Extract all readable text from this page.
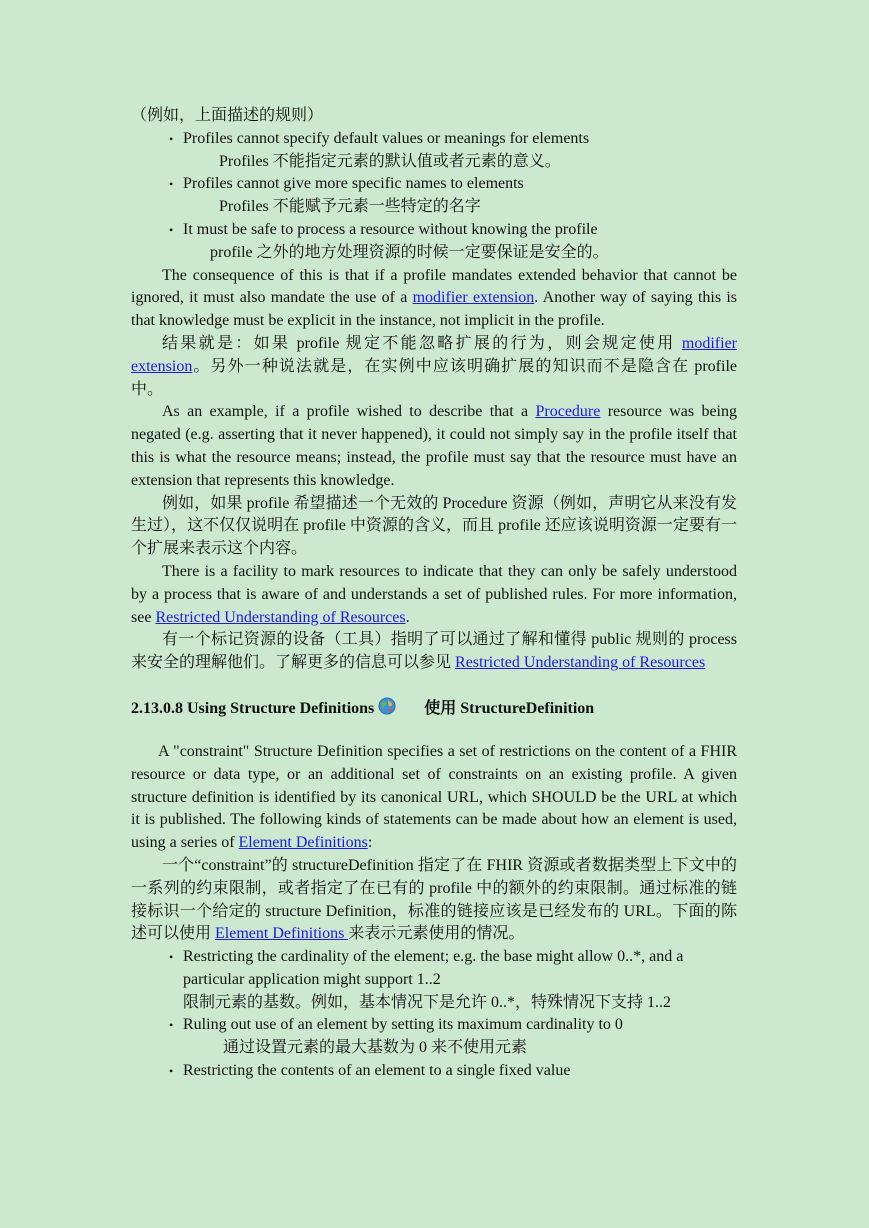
（例如，上面描述的规则）

• Profiles cannot specify default values or meanings for elements
Profiles 不能指定元素的默认值或者元素的意义。
• Profiles cannot give more specific names to elements
Profiles 不能赋予元素一些特定的名字
• It must be safe to process a resource without knowing the profile
profile 之外的地方处理资源的时候一定要保证是安全的。

The consequence of this is that if a profile mandates extended behavior that cannot be ignored, it must also mandate the use of a modifier extension. Another way of saying this is that knowledge must be explicit in the instance, not implicit in the profile.

结果就是：如果 profile 规定不能忽略扩展的行为，则会规定使用 modifier extension。另外一种说法就是，在实例中应该明确扩展的知识而不是隐含在 profile 中。

As an example, if a profile wished to describe that a Procedure resource was being negated (e.g. asserting that it never happened), it could not simply say in the profile itself that this is what the resource means; instead, the profile must say that the resource must have an extension that represents this knowledge.

例如，如果 profile 希望描述一个无效的 Procedure 资源（例如，声明它从来没有发生过），这不仅仅说明在 profile 中资源的含义，而且 profile 还应该说明资源一定要有一个扩展来表示这个内容。

There is a facility to mark resources to indicate that they can only be safely understood by a process that is aware of and understands a set of published rules. For more information, see Restricted Understanding of Resources.

有一个标记资源的设备（工具）指明了可以通过了解和懂得 public 规则的 process 来安全的理解他们。了解更多的信息可以参见 Restricted Understanding of Resources

2.13.0.8 Using Structure Definitions	使用 StructureDefinition

A "constraint" Structure Definition specifies a set of restrictions on the content of a FHIR resource or data type, or an additional set of constraints on an existing profile. A given structure definition is identified by its canonical URL, which SHOULD be the URL at which it is published. The following kinds of statements can be made about how an element is used, using a series of Element Definitions:

一个“constraint”的 structureDefinition 指定了在 FHIR 资源或者数据类型上下文中的一系列的约束限制，或者指定了在已有的 profile 中的额外的约束限制。通过标准的链接标识一个给定的 structure Definition，标准的链接应该是已经发布的 URL。下面的陈述可以使用 Element Definitions 来表示元素使用的情况。

• Restricting the cardinality of the element; e.g. the base might allow 0..*, and a particular application might support 1..2
限制元素的基数。例如，基本情况下是允许 0..*，特殊情况下支持 1..2
• Ruling out use of an element by setting its maximum cardinality to 0
通过设置元素的最大基数为 0 来不使用元素
• Restricting the contents of an element to a single fixed value
